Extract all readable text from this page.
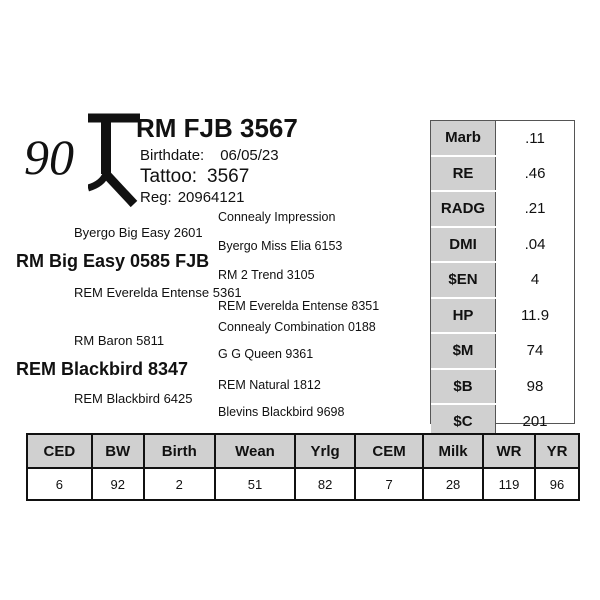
90
RM FJB 3567
Birthdate: 06/05/23
Tattoo: 3567
Reg: 20964121
Connealy Impression
Byergo Big Easy 2601
Byergo Miss Elia 6153
RM Big Easy 0585 FJB
RM 2 Trend 3105
REM Everelda Entense 5361
REM Everelda Entense 8351
Connealy Combination 0188
RM Baron 5811
G G Queen 9361
REM Blackbird 8347
REM Natural 1812
REM Blackbird 6425
Blevins Blackbird 9698
Marb	.11
RE	.46
RADG	.21
DMI	.04
$EN	4
HP	11.9
$M	74
$B	98
$C	201
CED	BW	Birth	Wean	Yrlg	CEM	Milk	WR	YR
6	92	2	51	82	7	28	119	96
